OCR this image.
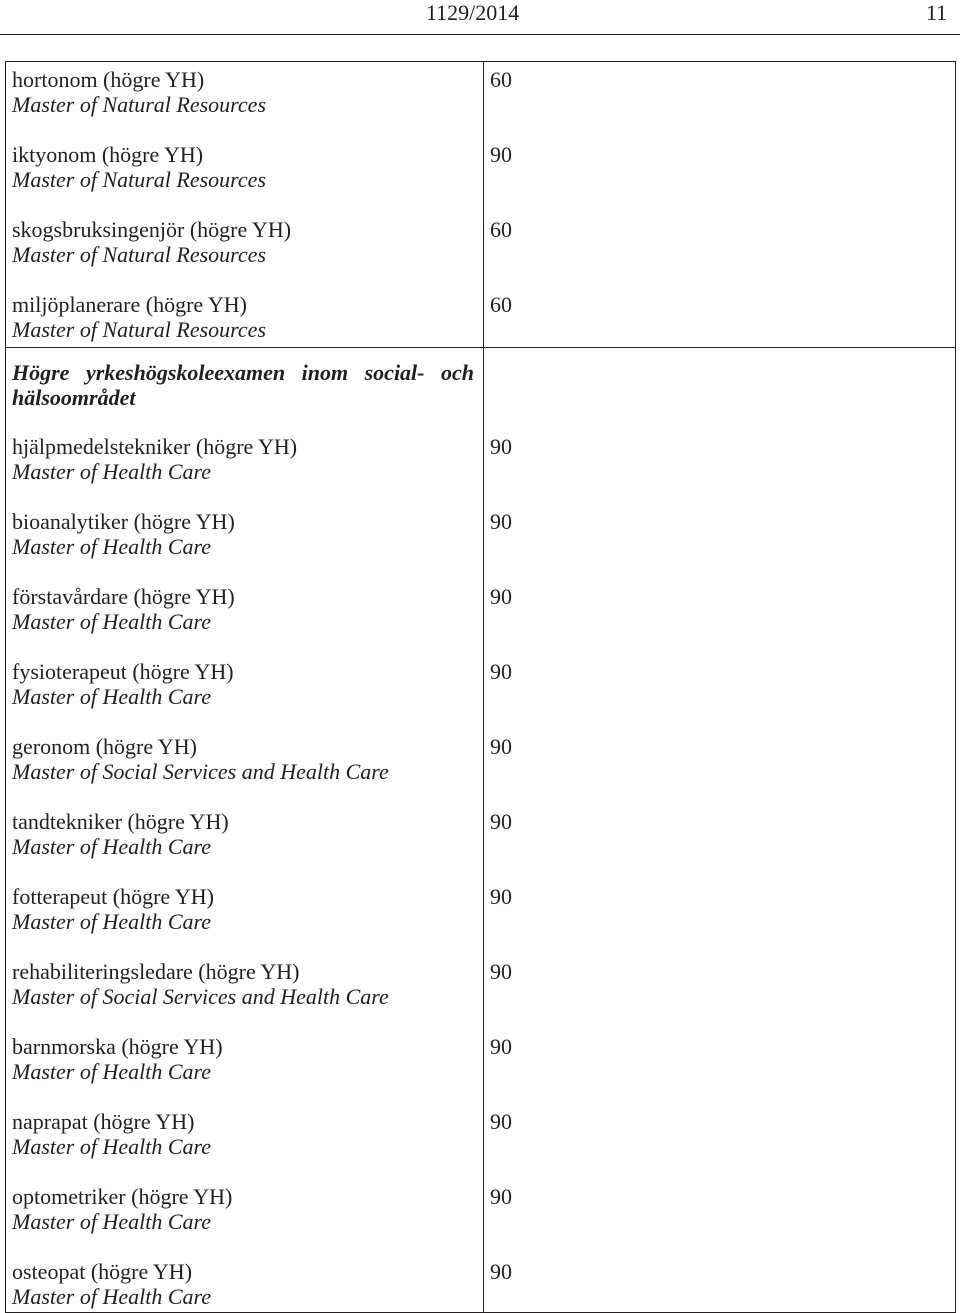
1129/2014	11
hortonom (högre YH)
Master of Natural Resources
60
iktyonom (högre YH)
Master of Natural Resources
90
skogsbruksingenjör (högre YH)
Master of Natural Resources
60
miljöplanerare (högre YH)
Master of Natural Resources
60
Högre yrkeshögskoleexamen inom social- och hälsoområdet
hjälpmedelstekniker (högre YH)
Master of Health Care
90
bioanalytiker (högre YH)
Master of Health Care
90
förstavårdare (högre YH)
Master of Health Care
90
fysioterapeut (högre YH)
Master of Health Care
90
geronom (högre YH)
Master of Social Services and Health Care
90
tandtekniker (högre YH)
Master of Health Care
90
fotterapeut (högre YH)
Master of Health Care
90
rehabiliteringsledare (högre YH)
Master of Social Services and Health Care
90
barnmorska (högre YH)
Master of Health Care
90
naprapat (högre YH)
Master of Health Care
90
optometriker (högre YH)
Master of Health Care
90
osteopat (högre YH)
Master of Health Care
90
